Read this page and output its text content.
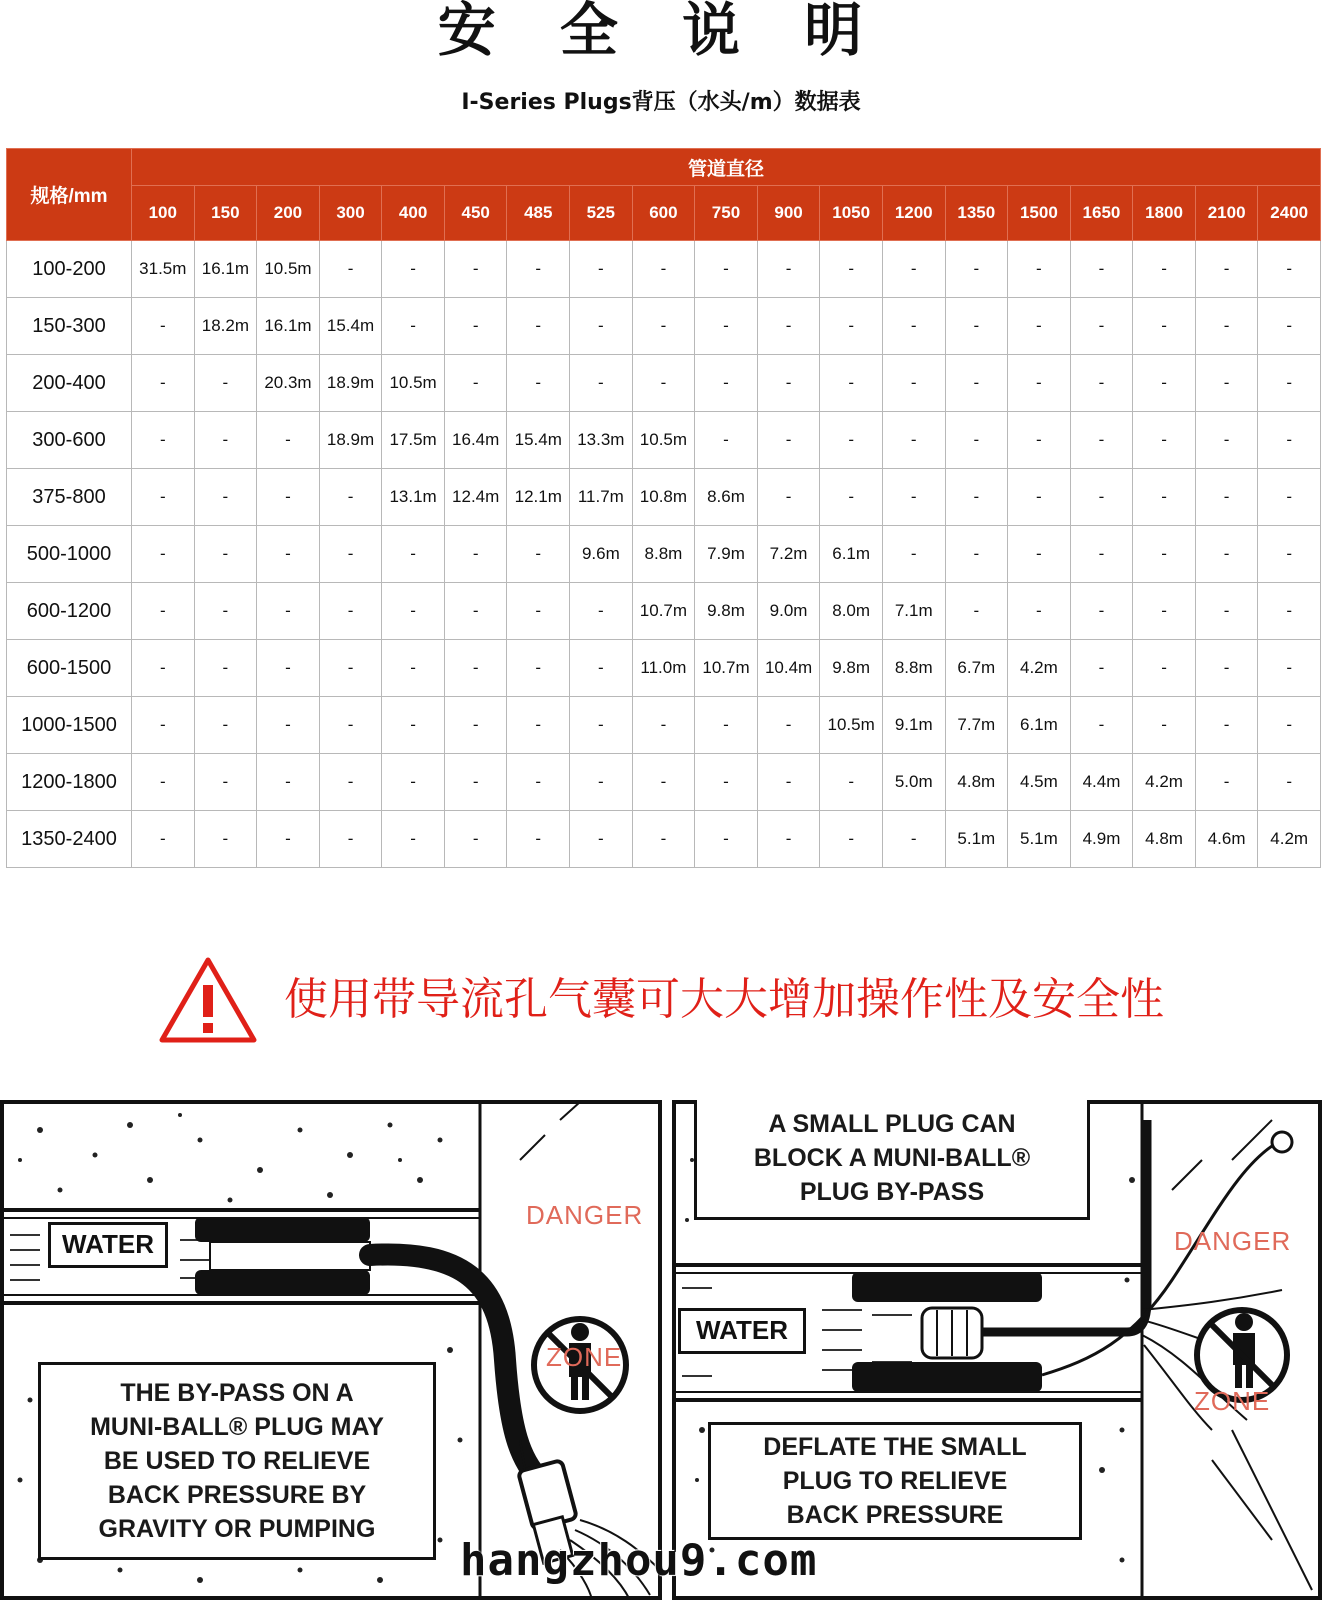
安 全 说 明
I-Series Plugs背压（水头/m）数据表
规格/mm	管道直径																		
	100	150	200	300	400	450	485	525	600	750	900	1050	1200	1350	1500	1650	1800	2100	2400
100-200	31.5m	16.1m	10.5m	-	-	-	-	-	-	-	-	-	-	-	-	-	-	-	-
150-300	-	18.2m	16.1m	15.4m	-	-	-	-	-	-	-	-	-	-	-	-	-	-	-
200-400	-	-	20.3m	18.9m	10.5m	-	-	-	-	-	-	-	-	-	-	-	-	-	-
300-600	-	-	-	18.9m	17.5m	16.4m	15.4m	13.3m	10.5m	-	-	-	-	-	-	-	-	-	-
375-800	-	-	-	-	13.1m	12.4m	12.1m	11.7m	10.8m	8.6m	-	-	-	-	-	-	-	-	-
500-1000	-	-	-	-	-	-	-	9.6m	8.8m	7.9m	7.2m	6.1m	-	-	-	-	-	-	-
600-1200	-	-	-	-	-	-	-	-	10.7m	9.8m	9.0m	8.0m	7.1m	-	-	-	-	-	-
600-1500	-	-	-	-	-	-	-	-	11.0m	10.7m	10.4m	9.8m	8.8m	6.7m	4.2m	-	-	-	-
1000-1500	-	-	-	-	-	-	-	-	-	-	-	10.5m	9.1m	7.7m	6.1m	-	-	-	-
1200-1800	-	-	-	-	-	-	-	-	-	-	-	-	5.0m	4.8m	4.5m	4.4m	4.2m	-	-
1350-2400	-	-	-	-	-	-	-	-	-	-	-	-	-	5.1m	5.1m	4.9m	4.8m	4.6m	4.2m
使用带导流孔气囊可大大增加操作性及安全性
WATER
DANGER
ZONE
THE BY-PASS ON A
MUNI-BALL® PLUG MAY
BE USED TO RELIEVE
BACK PRESSURE BY
GRAVITY OR PUMPING
A SMALL PLUG CAN
BLOCK A MUNI-BALL®
PLUG BY-PASS
WATER
DANGER
ZONE
DEFLATE THE SMALL
PLUG TO RELIEVE
BACK PRESSURE
hangzhou9.com
